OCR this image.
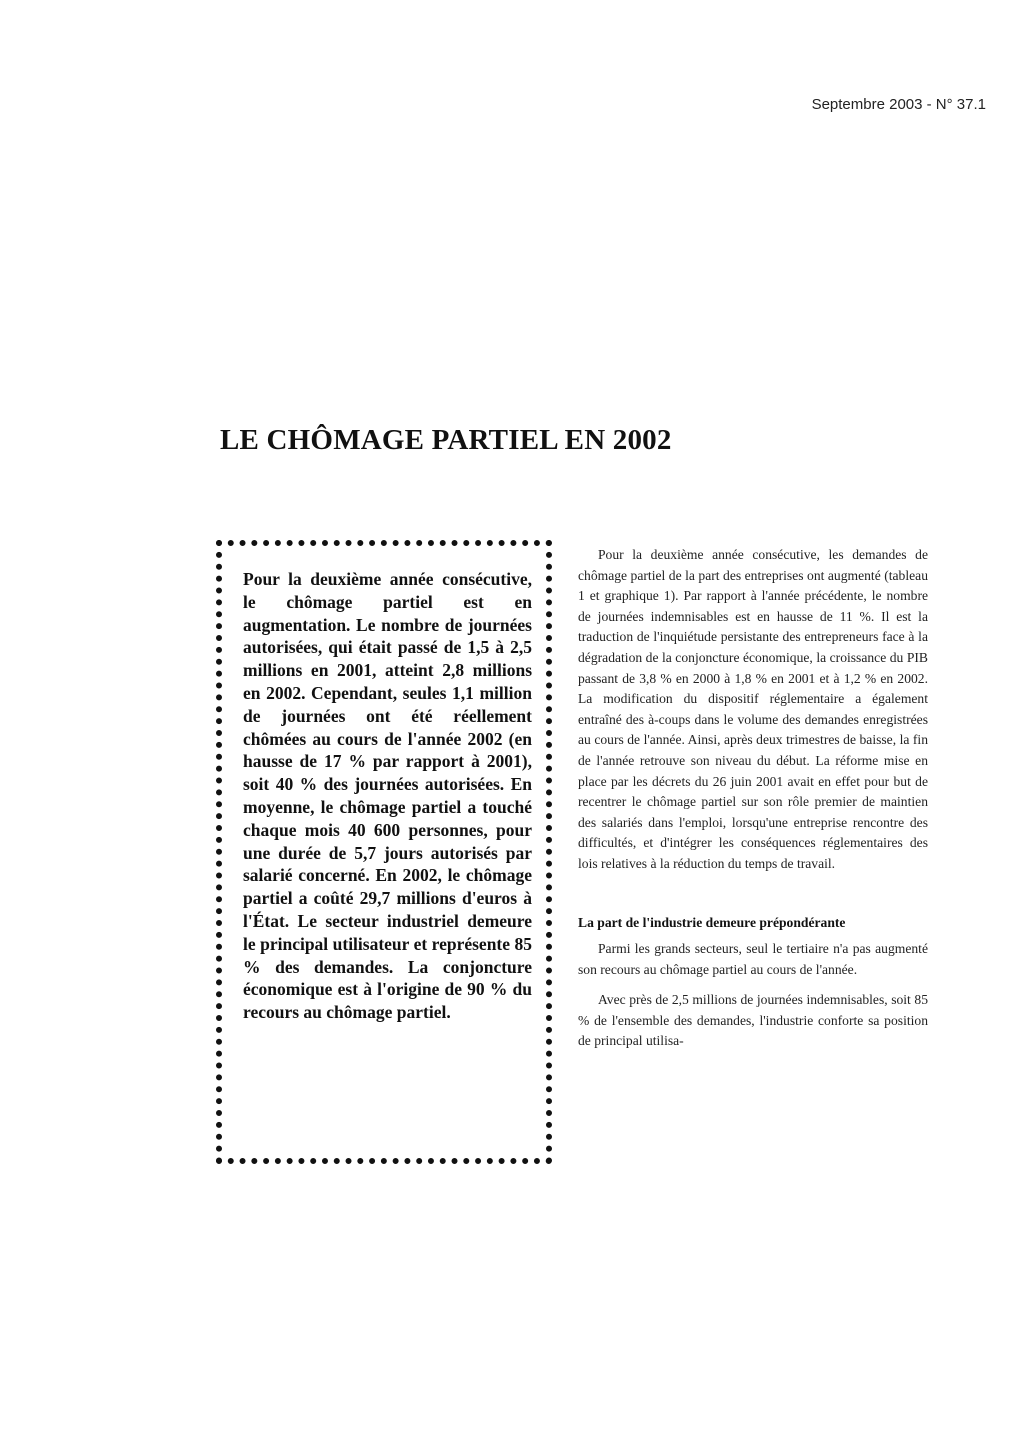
Septembre 2003 - N° 37.1
LE CHÔMAGE PARTIEL EN 2002

Pour la deuxième année consécutive, le chômage partiel est en augmentation. Le nombre de journées autorisées, qui était passé de 1,5 à 2,5 millions en 2001, atteint 2,8 millions en 2002. Cependant, seules 1,1 million de journées ont été réellement chômées au cours de l'année 2002 (en hausse de 17 % par rapport à 2001), soit 40 % des journées autorisées. En moyenne, le chômage partiel a touché chaque mois 40 600 personnes, pour une durée de 5,7 jours autorisés par salarié concerné. En 2002, le chômage partiel a coûté 29,7 millions d'euros à l'État. Le secteur industriel demeure le principal utilisateur et représente 85 % des demandes. La conjoncture économique est à l'origine de 90 % du recours au chômage partiel.

Pour la deuxième année consécutive, les demandes de chômage partiel de la part des entreprises ont augmenté (tableau 1 et graphique 1). Par rapport à l'année précédente, le nombre de journées indemnisables est en hausse de 11 %. Il est la traduction de l'inquiétude persistante des entrepreneurs face à la dégradation de la conjoncture économique, la croissance du PIB passant de 3,8 % en 2000 à 1,8 % en 2001 et à 1,2 % en 2002. La modification du dispositif réglementaire a également entraîné des à-coups dans le volume des demandes enregistrées au cours de l'année. Ainsi, après deux trimestres de baisse, la fin de l'année retrouve son niveau du début. La réforme mise en place par les décrets du 26 juin 2001 avait en effet pour but de recentrer le chômage partiel sur son rôle premier de maintien des salariés dans l'emploi, lorsqu'une entreprise rencontre des difficultés, et d'intégrer les conséquences réglementaires des lois relatives à la réduction du temps de travail.

La part de l'industrie demeure prépondérante

Parmi les grands secteurs, seul le tertiaire n'a pas augmenté son recours au chômage partiel au cours de l'année.

Avec près de 2,5 millions de journées indemnisables, soit 85 % de l'ensemble des demandes, l'industrie conforte sa position de principal utilisa-
